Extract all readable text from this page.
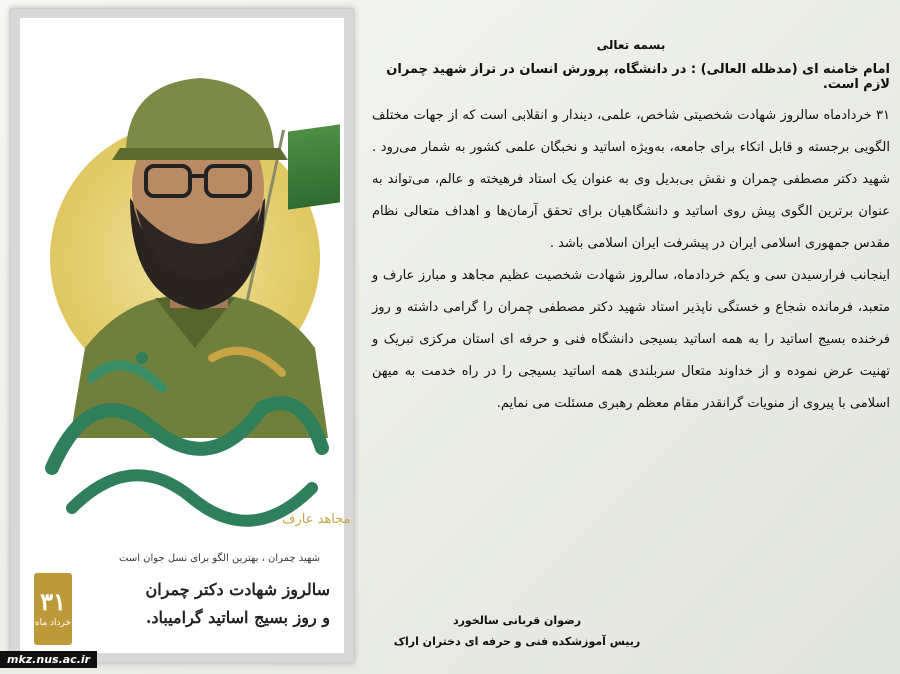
مجاهد عارف
شهید چمران ، بهترین الگو برای نسل جوان است
۳۱
خرداد ماه
سالروز شهادت دکتر چمران
و روز بسیج اساتید گرامیباد.
mkz.nus.ac.ir
بسمه تعالی
امام خامنه ای (مدظله العالی) : در دانشگاه، پرورش انسان در تراز شهید چمران لازم است.

۳۱ خردادماه سالروز شهادت شخصیتی شاخص، علمی، دیندار و انقلابی است که از جهات مختلف الگویی برجسته و قابل اتکاء برای جامعه، به‌ویژه اساتید و نخبگان علمی کشور به شمار می‌رود . شهید دکتر مصطفی چمران و نقش بی‌بدیل وی به عنوان یک استاد فرهیخته و عالم، می‌تواند به عنوان برترین الگوی پیش روی اساتید و دانشگاهیان برای تحقق آرمان‌ها و اهداف متعالی نظام مقدس جمهوری اسلامی ایران در پیشرفت ایران اسلامی باشد .

اینجانب فرارسیدن سی و یکم خردادماه، سالروز شهادت شخصیت عظیم مجاهد و مبارز عارف و متعبد، فرمانده شجاع و خستگی ناپذیر استاد شهید دکتر مصطفی چمران را گرامی داشته و روز فرخنده بسیج اساتید را به همه اساتید بسیجی دانشگاه فنی و حرفه ای استان مرکزی تبریک و تهنیت عرض نموده و از خداوند متعال سربلندی همه اساتید بسیجی را در راه خدمت به میهن اسلامی با پیروی از منویات گرانقدر مقام معظم رهبری مسئلت می نمایم.

رضوان قربانی سالخورد
رییس آموزشکده فنی و حرفه ای دختران اراک
